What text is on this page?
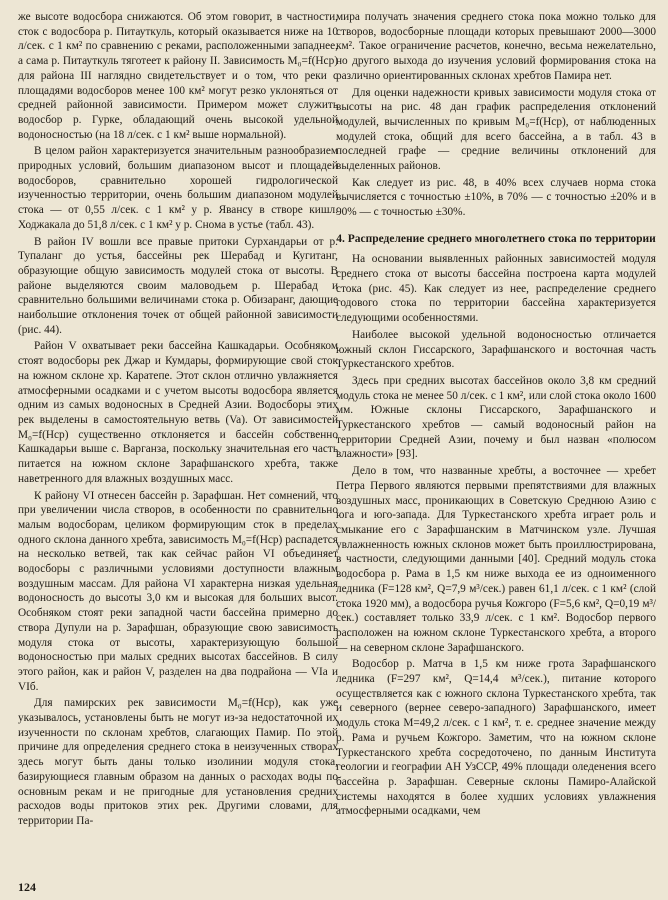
же высоте водосбора снижаются. Об этом говорит, в частности, сток с водосбора р. Питауткуль, который оказывается ниже на 10 л/сек. с 1 км² по сравнению с реками, расположенными западнее, а сама р. Питауткуль тяготеет к району II. Зависимость M₀=f(Hср) для района III наглядно свидетельствует и о том, что реки с площадями водосборов менее 100 км² могут резко уклоняться от средней районной зависимости. Примером может служить водосбор р. Гурке, обладающий очень высокой удельной водоносностью (на 18 л/сек. с 1 км² выше нормальной).

В целом район характеризуется значительным разнообразием природных условий, большим диапазоном высот и площадей водосборов, сравнительно хорошей гидрологической изученностью территории, очень большим диапазоном модулей стока — от 0,55 л/сек. с 1 км² у р. Явансу в створе кишл. Ходжакала до 51,8 л/сек. с 1 км² у р. Снома в устье (табл. 43).

В район IV вошли все правые притоки Сурхандарьи от р. Тупаланг до устья, бассейны рек Шерабад и Кугитанг, образующие общую зависимость модулей стока от высоты. В районе выделяются своим маловодьем р. Шерабад и сравнительно большими величинами стока р. Обизаранг, дающие наибольшие отклонения точек от общей районной зависимости (рис. 44).

Район V охватывает реки бассейна Кашкадарьи. Особняком стоят водосборы рек Джар и Кумдары, формирующие свой сток на южном склоне хр. Каратепе. Этот склон отлично увлажняется атмосферными осадками и с учетом высоты водосбора является одним из самых водоносных в Средней Азии. Водосборы этих рек выделены в самостоятельную ветвь (Va). От зависимостей M₀=f(Hср) существенно отклоняется и бассейн собственно Кашкадарьи выше с. Варганза, поскольку значительная его часть питается на южном склоне Зарафшанского хребта, также наветренного для влажных воздушных масс.

К району VI отнесен бассейн р. Зарафшан. Нет сомнений, что при увеличении числа створов, в особенности по сравнительно малым водосборам, целиком формирующим сток в пределах одного склона данного хребта, зависимость M₀=f(Hср) распадется на несколько ветвей, так как сейчас район VI объединяет водосборы с различными условиями доступности влажным воздушным массам. Для района VI характерна низкая удельная водоносность до высоты 3,0 км и высокая для больших высот. Особняком стоят реки западной части бассейна примерно до створа Дупули на р. Зарафшан, образующие свою зависимость модуля стока от высоты, характеризующую большой водоносностью при малых средних высотах бассейнов. В силу этого район, как и район V, разделен на два подрайона — VIа и VIб.

Для памирских рек зависимости M₀=f(Hср), как уже указывалось, установлены быть не могут из-за недостаточной их изученности по склонам хребтов, слагающих Памир. По этой причине для определения среднего стока в неизученных створах здесь могут быть даны только изолинии модуля стока, базирующиеся главным образом на данных о расходах воды по основным рекам и не пригодные для установления средних расходов воды притоков этих рек. Другими словами, для территории Па-

мира получать значения среднего стока пока можно только для створов, водосборные площади которых превышают 2000—3000 км². Такое ограничение расчетов, конечно, весьма нежелательно, но другого выхода до изучения условий формирования стока на различно ориентированных склонах хребтов Памира нет.

Для оценки надежности кривых зависимости модуля стока от высоты на рис. 48 дан график распределения отклонений модулей, вычисленных по кривым M₀=f(Hср), от наблюденных модулей стока, общий для всего бассейна, а в табл. 43 в последней графе — средние величины отклонений для выделенных районов.

Как следует из рис. 48, в 40% всех случаев норма стока вычисляется с точностью ±10%, в 70% — с точностью ±20% и в 90% — с точностью ±30%.

4. Распределение среднего многолетнего стока по территории

На основании выявленных районных зависимостей модуля среднего стока от высоты бассейна построена карта модулей стока (рис. 45). Как следует из нее, распределение среднего годового стока по территории бассейна характеризуется следующими особенностями.

Наиболее высокой удельной водоносностью отличается южный склон Гиссарского, Зарафшанского и восточная часть Туркестанского хребтов.

Здесь при средних высотах бассейнов около 3,8 км средний модуль стока не менее 50 л/сек. с 1 км², или слой стока около 1600 мм. Южные склоны Гиссарского, Зарафшанского и Туркестанского хребтов — самый водоносный район на территории Средней Азии, почему и был назван «полюсом влажности» [93].

Дело в том, что названные хребты, а восточнее — хребет Петра Первого являются первыми препятствиями для влажных воздушных масс, проникающих в Советскую Среднюю Азию с юга и юго-запада. Для Туркестанского хребта играет роль и смыкание его с Зарафшанским в Матчинском узле. Лучшая увлажненность южных склонов может быть проиллюстрирована, в частности, следующими данными [40]. Средний модуль стока водосбора р. Рама в 1,5 км ниже выхода ее из одноименного ледника (F=128 км², Q=7,9 м³/сек.) равен 61,1 л/сек. с 1 км² (слой стока 1920 мм), а водосбора ручья Кожгоро (F=5,6 км², Q=0,19 м³/сек.) составляет только 33,9 л/сек. с 1 км². Водосбор первого расположен на южном склоне Туркестанского хребта, а второго — на северном склоне Зарафшанского.

Водосбор р. Матча в 1,5 км ниже грота Зарафшанского ледника (F=297 км², Q=14,4 м³/сек.), питание которого осуществляется как с южного склона Туркестанского хребта, так и северного (вернее северо-западного) Зарафшанского, имеет модуль стока M=49,2 л/сек. с 1 км², т. е. среднее значение между р. Рама и ручьем Кожгоро. Заметим, что на южном склоне Туркестанского хребта сосредоточено, по данным Института геологии и географии АН УзССР, 49% площади оледенения всего бассейна р. Зарафшан. Северные склоны Памиро-Алайской системы находятся в более худших условиях увлажнения атмосферными осадками, чем

124
